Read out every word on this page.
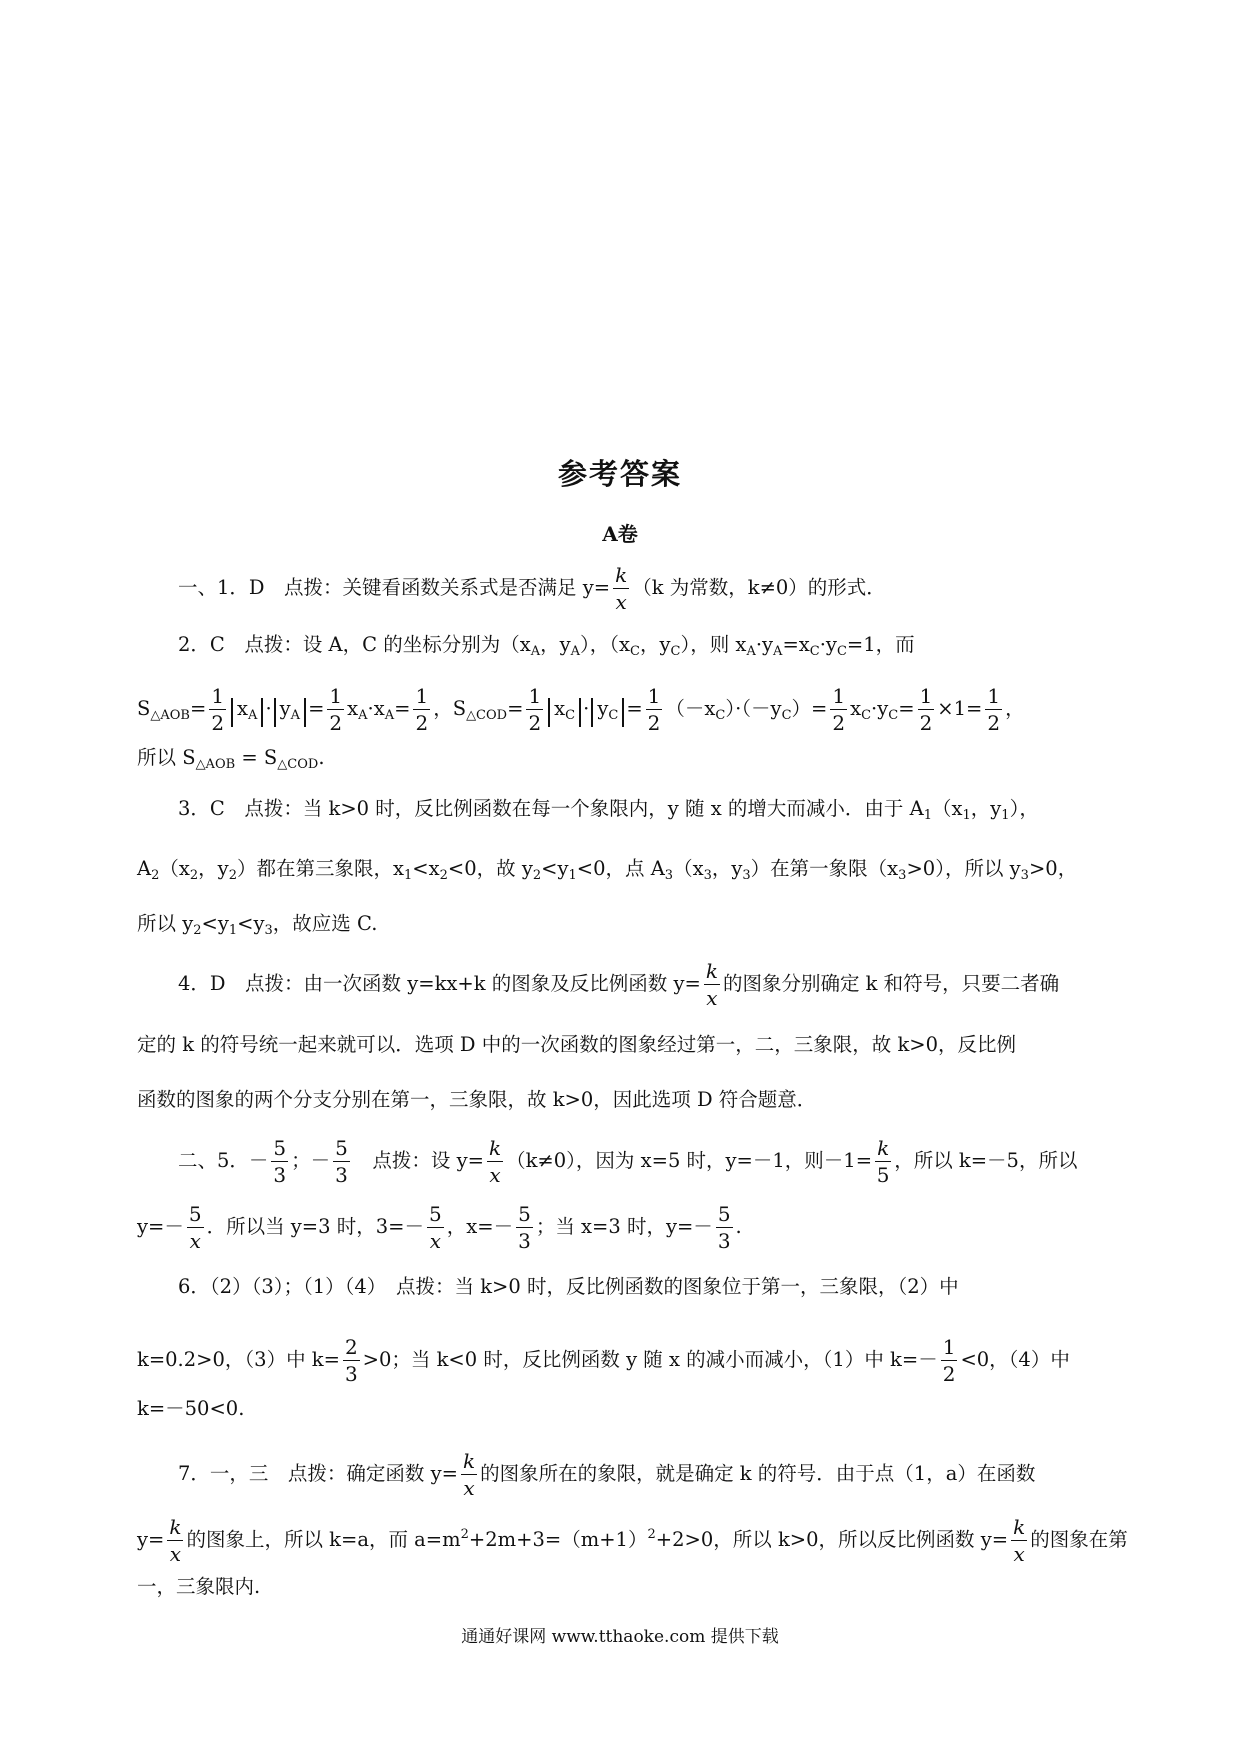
参考答案
A卷
一、1．D　点拨：关键看函数关系式是否满足 $y= \frac{k}{x} (k$ 为常数，k≠0）的形式．
2．C　点拨：设 A，C 的坐标分别为（$x_A$，$y_A$），（$x_C$，$y_C$），则 $x_A\cdot y_A=x_C\cdot y_C=1$，而
$S_{\triangle AOB}= \frac{1}{2} x_A \cdot y_A = \frac{1}{2} x_A\cdot x_A= \frac{1}{2}$ ，$S_{\triangle COD}= \frac{1}{2} x_C \cdot y_C = \frac{1}{2} (-x_C)\cdot(-y_C)= \frac{1}{2} x_C\cdot y_C= \frac{1}{2} \times 1= \frac{1}{2}$ ，
所以 $S_{\triangle AOB} = S_{\triangle COD}$.
3．C　点拨：当 k>0 时，反比例函数在每一个象限内，y 随 x 的增大而减小．由于 $A_1(x_1$，$y_1$），
$A_2(x_2$，$y_2$）都在第三象限，$x_1<x_2<0$，故 $y_2<y_1<0$，点 $A_3(x_3$，$y_3$）在第一象限$(x_3>0)$，所以 $y_3>0$，
所以 $y_2<y_1<y_3$，故应选 C.
4．D　点拨：由一次函数 y=kx+k 的图象及反比例函数 $y= \frac{k}{x}$ 的图象分别确定 k 和符号，只要二者确
定的 k 的符号统一起来就可以．选项 D 中的一次函数的图象经过第一，二，三象限，故 k>0，反比例
函数的图象的两个分支分别在第一，三象限，故 k>0，因此选项 D 符合题意．
二、5．－ $\frac{5}{3}$ ；－ $\frac{5}{3}$ 　点拨：设 $y= \frac{k}{x} (k\ne 0)$，因为 x=5 时，y=－1，则$-1= \frac{k}{5}$ ，所以 k=－5，所以
$y=- \frac{5}{x}$ ．所以当 y=3 时，$3=- \frac{5}{x}$ ，$x=- \frac{5}{3}$ ；当 x=3 时，$y=- \frac{5}{3}$ .
6．（2）（3）；（1）（4）　点拨：当 k>0 时，反比例函数的图象位于第一，三象限，（2）中
k=0.2>0，（3）中 $k= \frac{2}{3} >0$；当 k<0 时，反比例函数 y 随 x 的减小而减小，（1）中 $k=- \frac{1}{2} <0$，（4）中
k=－50<0.
7．一，三　点拨：确定函数 $y= \frac{k}{x}$ 的图象所在的象限，就是确定 k 的符号．由于点（1，a）在函数
$y= \frac{k}{x}$ 的图象上，所以 k=a，而 $a=m^2+2m+3=(m+1)^2+2>0$，所以 k>0，所以反比例函数 $y= \frac{k}{x}$ 的图象在第
一，三象限内.
通通好课网 www.tthaoke.com 提供下载
